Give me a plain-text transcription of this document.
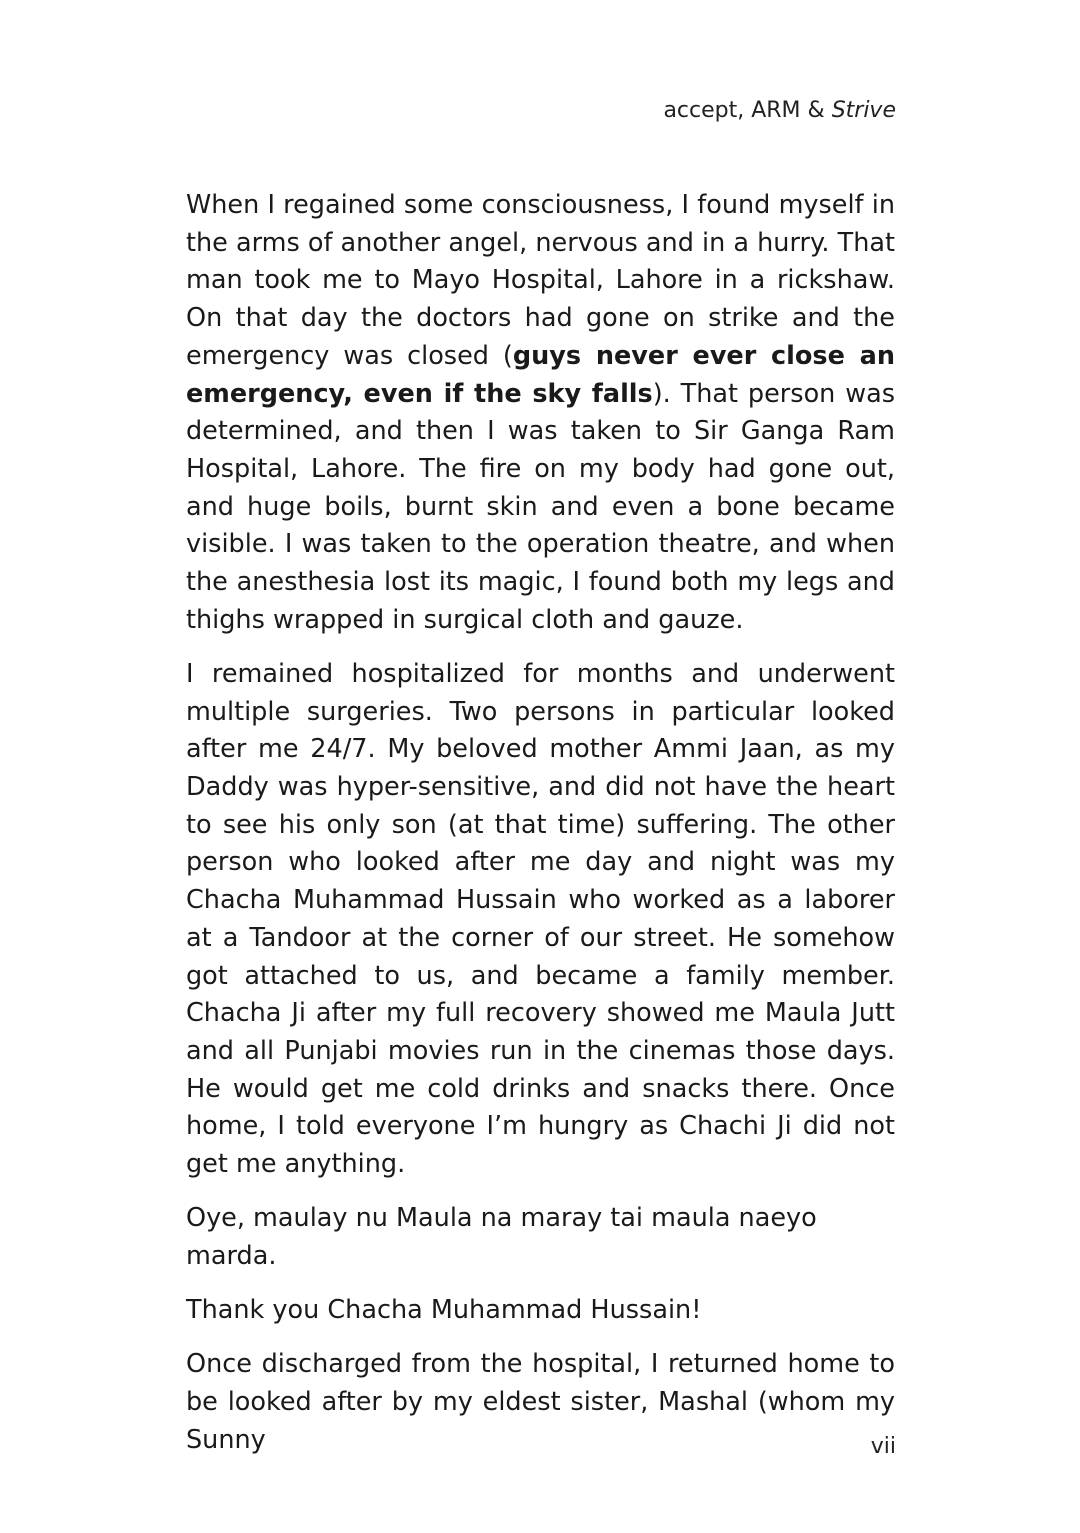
accept, ARM & Strive

When I regained some consciousness, I found myself in the arms of another angel, nervous and in a hurry. That man took me to Mayo Hospital, Lahore in a rickshaw. On that day the doctors had gone on strike and the emergency was closed (guys never ever close an emergency, even if the sky falls). That person was determined, and then I was taken to Sir Ganga Ram Hospital, Lahore. The fire on my body had gone out, and huge boils, burnt skin and even a bone became visible. I was taken to the operation theatre, and when the anesthesia lost its magic, I found both my legs and thighs wrapped in surgical cloth and gauze.

I remained hospitalized for months and underwent multiple surgeries. Two persons in particular looked after me 24/7. My beloved mother Ammi Jaan, as my Daddy was hyper-sensitive, and did not have the heart to see his only son (at that time) suffering. The other person who looked after me day and night was my Chacha Muhammad Hussain who worked as a laborer at a Tandoor at the corner of our street. He somehow got attached to us, and became a family member. Chacha Ji after my full recovery showed me Maula Jutt and all Punjabi movies run in the cinemas those days. He would get me cold drinks and snacks there. Once home, I told everyone I’m hungry as Chachi Ji did not get me anything.

Oye, maulay nu Maula na maray tai maula naeyo marda.

Thank you Chacha Muhammad Hussain!

Once discharged from the hospital, I returned home to be looked after by my eldest sister, Mashal (whom my Sunny	vii
